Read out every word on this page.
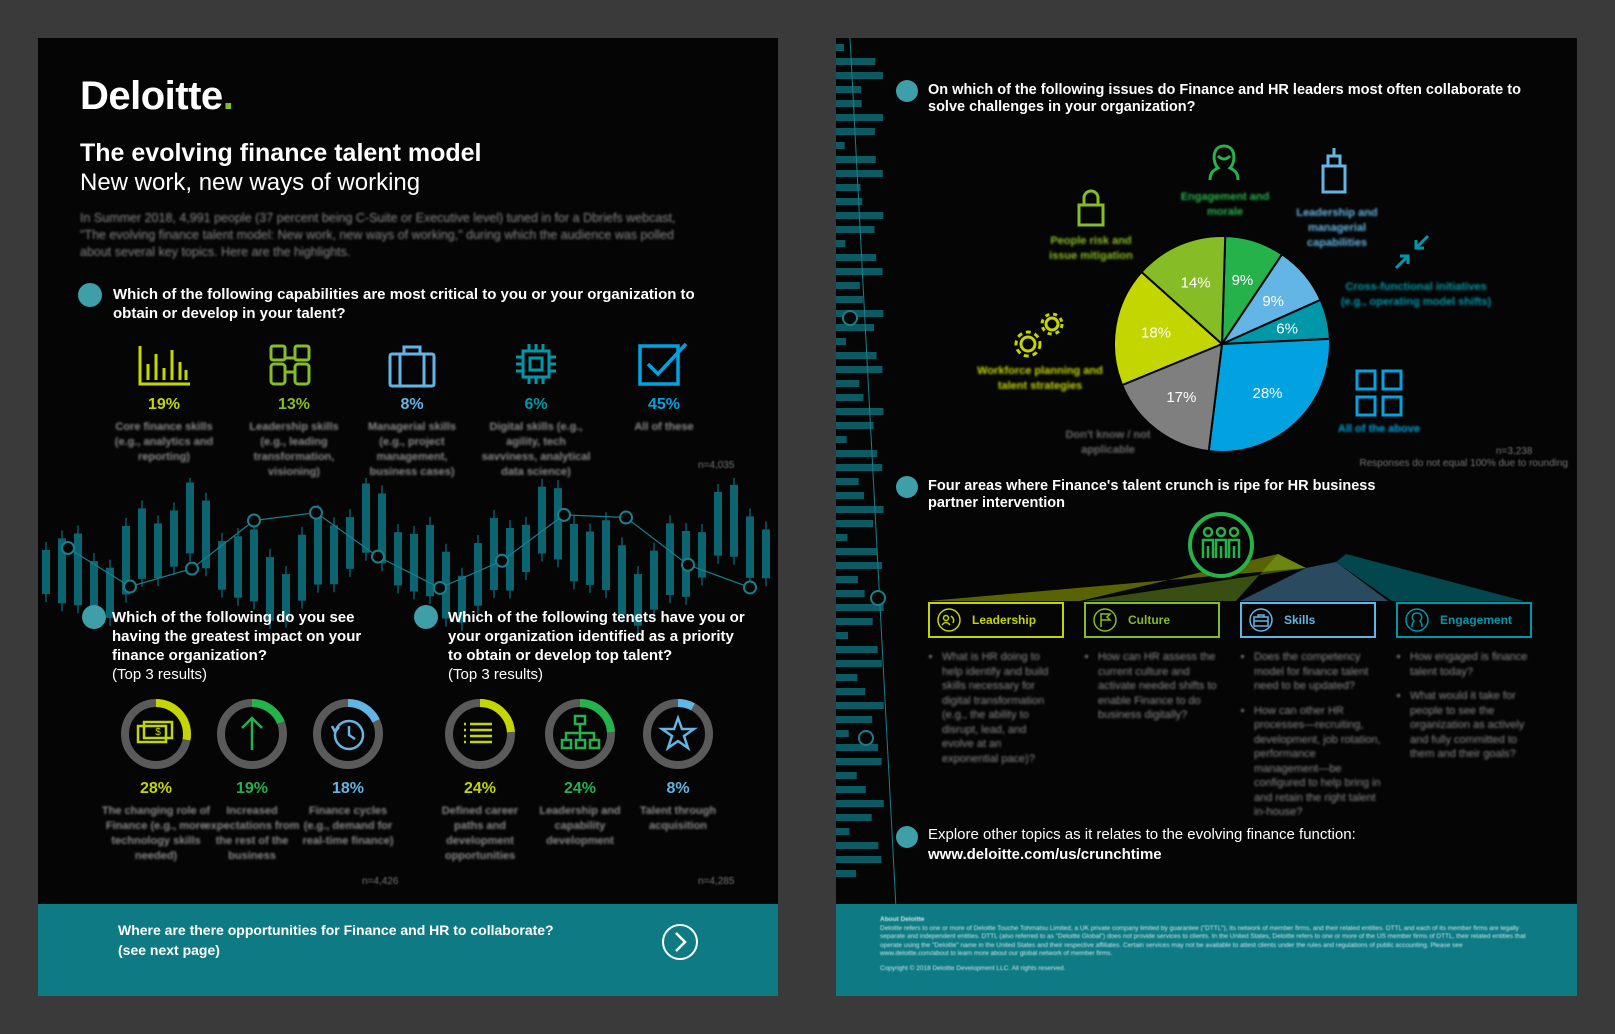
Deloitte.
The evolving finance talent model
New work, new ways of working
In Summer 2018, 4,991 people (37 percent being C-Suite or Executive level) tuned in for a Dbriefs webcast, "The evolving finance talent model: New work, new ways of working," during which the audience was polled about several key topics. Here are the highlights.
Which of the following capabilities are most critical to you or your organization to obtain or develop in your talent?
19%	13%	8%	6%	45%
Core finance skills (e.g., analytics and reporting)
Leadership skills (e.g., leading transformation, visioning)
Managerial skills (e.g., project management, business cases)
Digital skills (e.g., agility, tech savviness, analytical data science)
All of these
n=4,035
Which of the following do you see having the greatest impact on your finance organization?
(Top 3 results)
Which of the following tenets have you or your organization identified as a priority to obtain or develop top talent?
(Top 3 results)
$
28%	19%	18%	24%	24%	8%
The changing role of Finance (e.g., more technology skills needed)
Increased expectations from the rest of the business
Finance cycles (e.g., demand for real-time finance)
Defined career paths and development opportunities
Leadership and capability development
Talent through acquisition
n=4,426	n=4,285
Where are there opportunities for Finance and HR to collaborate?
(see next page)
On which of the following issues do Finance and HR leaders most often collaborate to solve challenges in your organization?
9%
9%
6%
28%
17%
18%
14%
People risk and issue mitigation
Engagement and morale	Leadership and managerial capabilities
Cross-functional initiatives (e.g., operating model shifts)
Workforce planning and talent strategies
Don't know / not applicable
All of the above
n=3,238
Responses do not equal 100% due to rounding
Four areas where Finance's talent crunch is ripe for HR business partner intervention
Leadership	Culture	Skills	Engagement
• What is HR doing to help identify and build skills necessary for digital transformation (e.g., the ability to disrupt, lead, and evolve at an exponential pace)?
• How can HR assess the current culture and activate needed shifts to enable Finance to do business digitally?
• Does the competency model for finance talent need to be updated?
• How can other HR processes—recruiting, development, job rotation, performance management—be configured to help bring in and retain the right talent in-house?
• How engaged is finance talent today?
• What would it take for people to see the organization as actively and fully committed to them and their goals?
Explore other topics as it relates to the evolving finance function:
www.deloitte.com/us/crunchtime
About Deloitte
Deloitte refers to one or more of Deloitte Touche Tohmatsu Limited, a UK private company limited by guarantee ("DTTL"), its network of member firms, and their related entities. DTTL and each of its member firms are legally separate and independent entities. DTTL (also referred to as "Deloitte Global") does not provide services to clients. In the United States, Deloitte refers to one or more of the US member firms of DTTL, their related entities that operate using the "Deloitte" name in the United States and their respective affiliates. Certain services may not be available to attest clients under the rules and regulations of public accounting. Please see www.deloitte.com/about to learn more about our global network of member firms.
Copyright © 2018 Deloitte Development LLC. All rights reserved.
